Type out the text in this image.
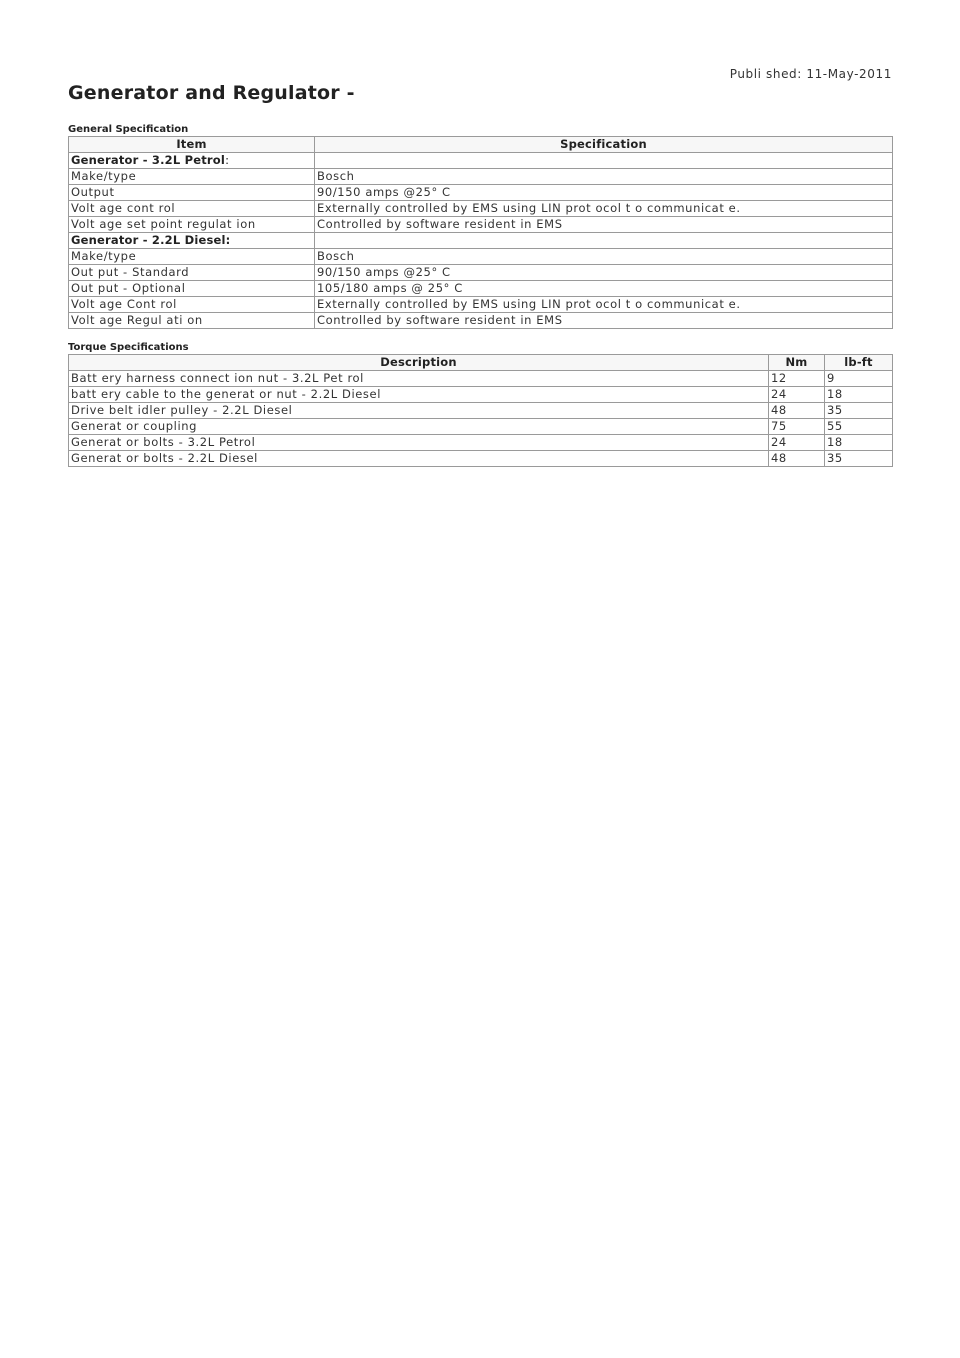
Publi shed: 11-May-2011
Generator and Regulator -
General Specification
Item	Specification
Generator - 3.2L Petrol:	
Make/type	Bosch
Output	90/150 amps @25° C
Volt age cont rol	Externally controlled by EMS using LIN prot ocol t o communicat e.
Volt age set point regulat ion	Controlled by software resident in EMS
Generator - 2.2L Diesel:	
Make/type	Bosch
Out put - Standard	90/150 amps @25° C
Out put - Optional	105/180 amps @ 25° C
Volt age Cont rol	Externally controlled by EMS using LIN prot ocol t o communicat e.
Volt age Regul ati on	Controlled by software resident in EMS
Torque Specifications
Description	Nm	lb-ft
Batt ery harness connect ion nut - 3.2L Pet rol	12	9
batt ery cable to the generat or nut - 2.2L Diesel	24	18
Drive belt idler pulley - 2.2L Diesel	48	35
Generat or coupling	75	55
Generat or bolts - 3.2L Petrol	24	18
Generat or bolts - 2.2L Diesel	48	35
